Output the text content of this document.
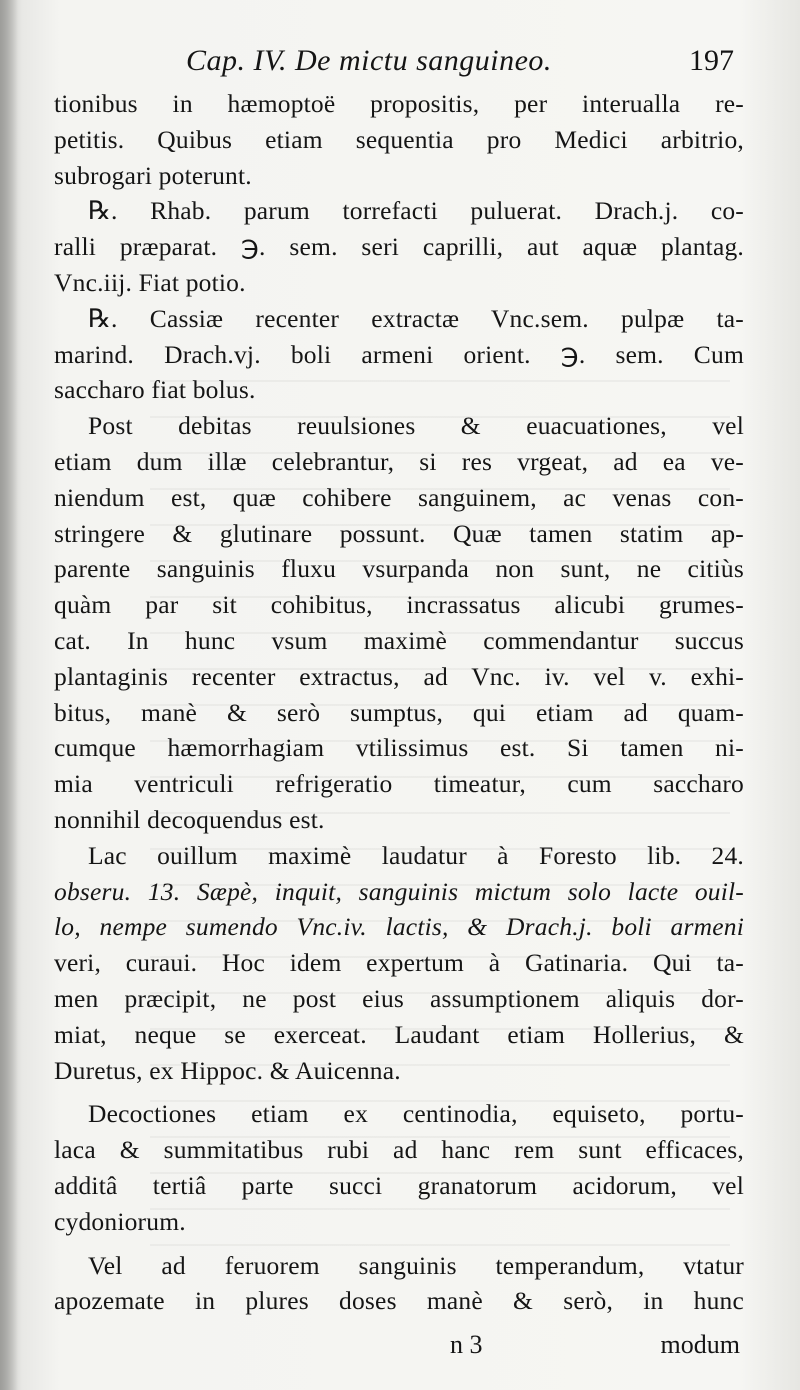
Cap. IV. De mictu sanguineo.	197
tionibus in hæmoptoë propositis, per interualla re-
petitis. Quibus etiam sequentia pro Medici arbitrio,
subrogari poterunt.
℞. Rhab. parum torrefacti puluerat. Drach.j. co-
ralli præparat. ℈. sem. seri caprilli, aut aquæ plantag.
Vnc.iij. Fiat potio.
℞. Cassiæ recenter extractæ Vnc.sem. pulpæ ta-
marind. Drach.vj. boli armeni orient. ℈. sem. Cum
saccharo fiat bolus.
Post debitas reuulsiones & euacuationes, vel
etiam dum illæ celebrantur, si res vrgeat, ad ea ve-
niendum est, quæ cohibere sanguinem, ac venas con-
stringere & glutinare possunt. Quæ tamen statim ap-
parente sanguinis fluxu vsurpanda non sunt, ne citiùs
quàm par sit cohibitus, incrassatus alicubi grumes-
cat. In hunc vsum maximè commendantur succus
plantaginis recenter extractus, ad Vnc. iv. vel v. exhi-
bitus, manè & serò sumptus, qui etiam ad quam-
cumque hæmorrhagiam vtilissimus est. Si tamen ni-
mia ventriculi refrigeratio timeatur, cum saccharo
nonnihil decoquendus est.
Lac ouillum maximè laudatur à Foresto lib. 24.
obseru. 13. Sæpè, inquit, sanguinis mictum solo lacte ouil-
lo, nempe sumendo Vnc.iv. lactis, & Drach.j. boli armeni
veri, curaui. Hoc idem expertum à Gatinaria. Qui ta-
men præcipit, ne post eius assumptionem aliquis dor-
miat, neque se exerceat. Laudant etiam Hollerius, &
Duretus, ex Hippoc. & Auicenna.
Decoctiones etiam ex centinodia, equiseto, portu-
laca & summitatibus rubi ad hanc rem sunt efficaces,
additâ tertiâ parte succi granatorum acidorum, vel
cydoniorum.
Vel ad feruorem sanguinis temperandum, vtatur
apozemate in plures doses manè & serò, in hunc
n 3	modum
